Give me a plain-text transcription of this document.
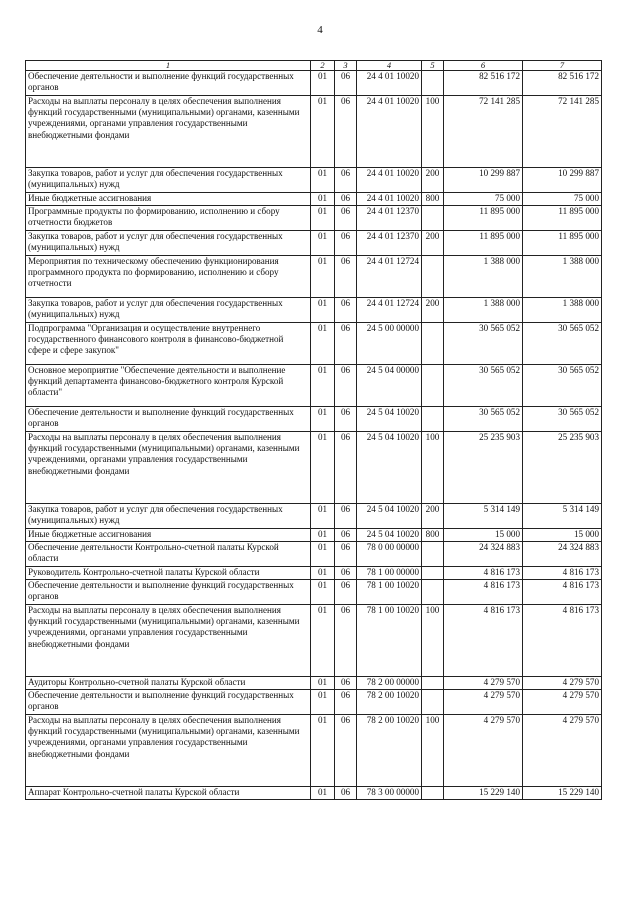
4
1	2	3	4	5	6	7
Обеспечение деятельности и выполнение функций государственных органов	01	06	24 4 01 10020		82 516 172	82 516 172
Расходы на выплаты персоналу в целях обеспечения выполнения функций государственными (муниципальными) органами, казенными учреждениями, органами управления государственными внебюджетными фондами	01	06	24 4 01 10020	100	72 141 285	72 141 285
Закупка товаров, работ и услуг для обеспечения государственных (муниципальных) нужд	01	06	24 4 01 10020	200	10 299 887	10 299 887
Иные бюджетные ассигнования	01	06	24 4 01 10020	800	75 000	75 000
Программные продукты по формированию, исполнению и сбору отчетности бюджетов	01	06	24 4 01 12370		11 895 000	11 895 000
Закупка товаров, работ и услуг для обеспечения государственных (муниципальных) нужд	01	06	24 4 01 12370	200	11 895 000	11 895 000
Мероприятия по техническому обеспечению функционирования программного продукта по формированию, исполнению и сбору отчетности	01	06	24 4 01 12724		1 388 000	1 388 000
Закупка товаров, работ и услуг для обеспечения государственных (муниципальных) нужд	01	06	24 4 01 12724	200	1 388 000	1 388 000
Подпрограмма "Организация и осуществление внутреннего государственного финансового контроля в финансово-бюджетной сфере и сфере закупок"	01	06	24 5 00 00000		30 565 052	30 565 052
Основное мероприятие "Обеспечение деятельности и выполнение функций департамента финансово-бюджетного контроля Курской области"	01	06	24 5 04 00000		30 565 052	30 565 052
Обеспечение деятельности и выполнение функций государственных органов	01	06	24 5 04 10020		30 565 052	30 565 052
Расходы на выплаты персоналу в целях обеспечения выполнения функций государственными (муниципальными) органами, казенными учреждениями, органами управления государственными внебюджетными фондами	01	06	24 5 04 10020	100	25 235 903	25 235 903
Закупка товаров, работ и услуг для обеспечения государственных (муниципальных) нужд	01	06	24 5 04 10020	200	5 314 149	5 314 149
Иные бюджетные ассигнования	01	06	24 5 04 10020	800	15 000	15 000
Обеспечение деятельности Контрольно-счетной палаты Курской области	01	06	78 0 00 00000		24 324 883	24 324 883
Руководитель Контрольно-счетной палаты Курской области	01	06	78 1 00 00000		4 816 173	4 816 173
Обеспечение деятельности и выполнение функций государственных органов	01	06	78 1 00 10020		4 816 173	4 816 173
Расходы на выплаты персоналу в целях обеспечения выполнения функций государственными (муниципальными) органами, казенными учреждениями, органами управления государственными внебюджетными фондами	01	06	78 1 00 10020	100	4 816 173	4 816 173
Аудиторы Контрольно-счетной палаты Курской области	01	06	78 2 00 00000		4 279 570	4 279 570
Обеспечение деятельности и выполнение функций государственных органов	01	06	78 2 00 10020		4 279 570	4 279 570
Расходы на выплаты персоналу в целях обеспечения выполнения функций государственными (муниципальными) органами, казенными учреждениями, органами управления государственными внебюджетными фондами	01	06	78 2 00 10020	100	4 279 570	4 279 570
Аппарат Контрольно-счетной палаты Курской области	01	06	78 3 00 00000		15 229 140	15 229 140
